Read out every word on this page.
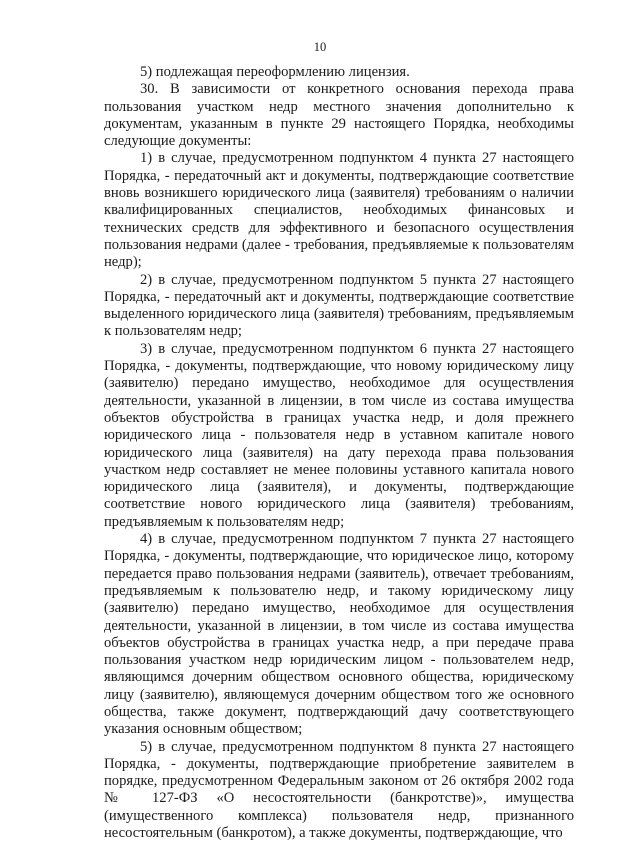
10

5) подлежащая переоформлению лицензия.

30. В зависимости от конкретного основания перехода права пользования участком недр местного значения дополнительно к документам, указанным в пункте 29 настоящего Порядка, необходимы следующие документы:

1) в случае, предусмотренном подпунктом 4 пункта 27 настоящего Порядка, - передаточный акт и документы, подтверждающие соответствие вновь возникшего юридического лица (заявителя) требованиям о наличии квалифицированных специалистов, необходимых финансовых и технических средств для эффективного и безопасного осуществления пользования недрами (далее - требования, предъявляемые к пользователям недр);

2) в случае, предусмотренном подпунктом 5 пункта 27 настоящего Порядка, - передаточный акт и документы, подтверждающие соответствие выделенного юридического лица (заявителя) требованиям, предъявляемым к пользователям недр;

3) в случае, предусмотренном подпунктом 6 пункта 27 настоящего Порядка, - документы, подтверждающие, что новому юридическому лицу (заявителю) передано имущество, необходимое для осуществления деятельности, указанной в лицензии, в том числе из состава имущества объектов обустройства в границах участка недр, и доля прежнего юридического лица - пользователя недр в уставном капитале нового юридического лица (заявителя) на дату перехода права пользования участком недр составляет не менее половины уставного капитала нового юридического лица (заявителя), и документы, подтверждающие соответствие нового юридического лица (заявителя) требованиям, предъявляемым к пользователям недр;

4) в случае, предусмотренном подпунктом 7 пункта 27 настоящего Порядка, - документы, подтверждающие, что юридическое лицо, которому передается право пользования недрами (заявитель), отвечает требованиям, предъявляемым к пользователю недр, и такому юридическому лицу (заявителю) передано имущество, необходимое для осуществления деятельности, указанной в лицензии, в том числе из состава имущества объектов обустройства в границах участка недр, а при передаче права пользования участком недр юридическим лицом - пользователем недр, являющимся дочерним обществом основного общества, юридическому лицу (заявителю), являющемуся дочерним обществом того же основного общества, также документ, подтверждающий дачу соответствующего указания основным обществом;

5) в случае, предусмотренном подпунктом 8 пункта 27 настоящего Порядка, - документы, подтверждающие приобретение заявителем в порядке, предусмотренном Федеральным законом от 26 октября 2002 года № 127-ФЗ «О несостоятельности (банкротстве)», имущества (имущественного комплекса) пользователя недр, признанного несостоятельным (банкротом), а также документы, подтверждающие, что
